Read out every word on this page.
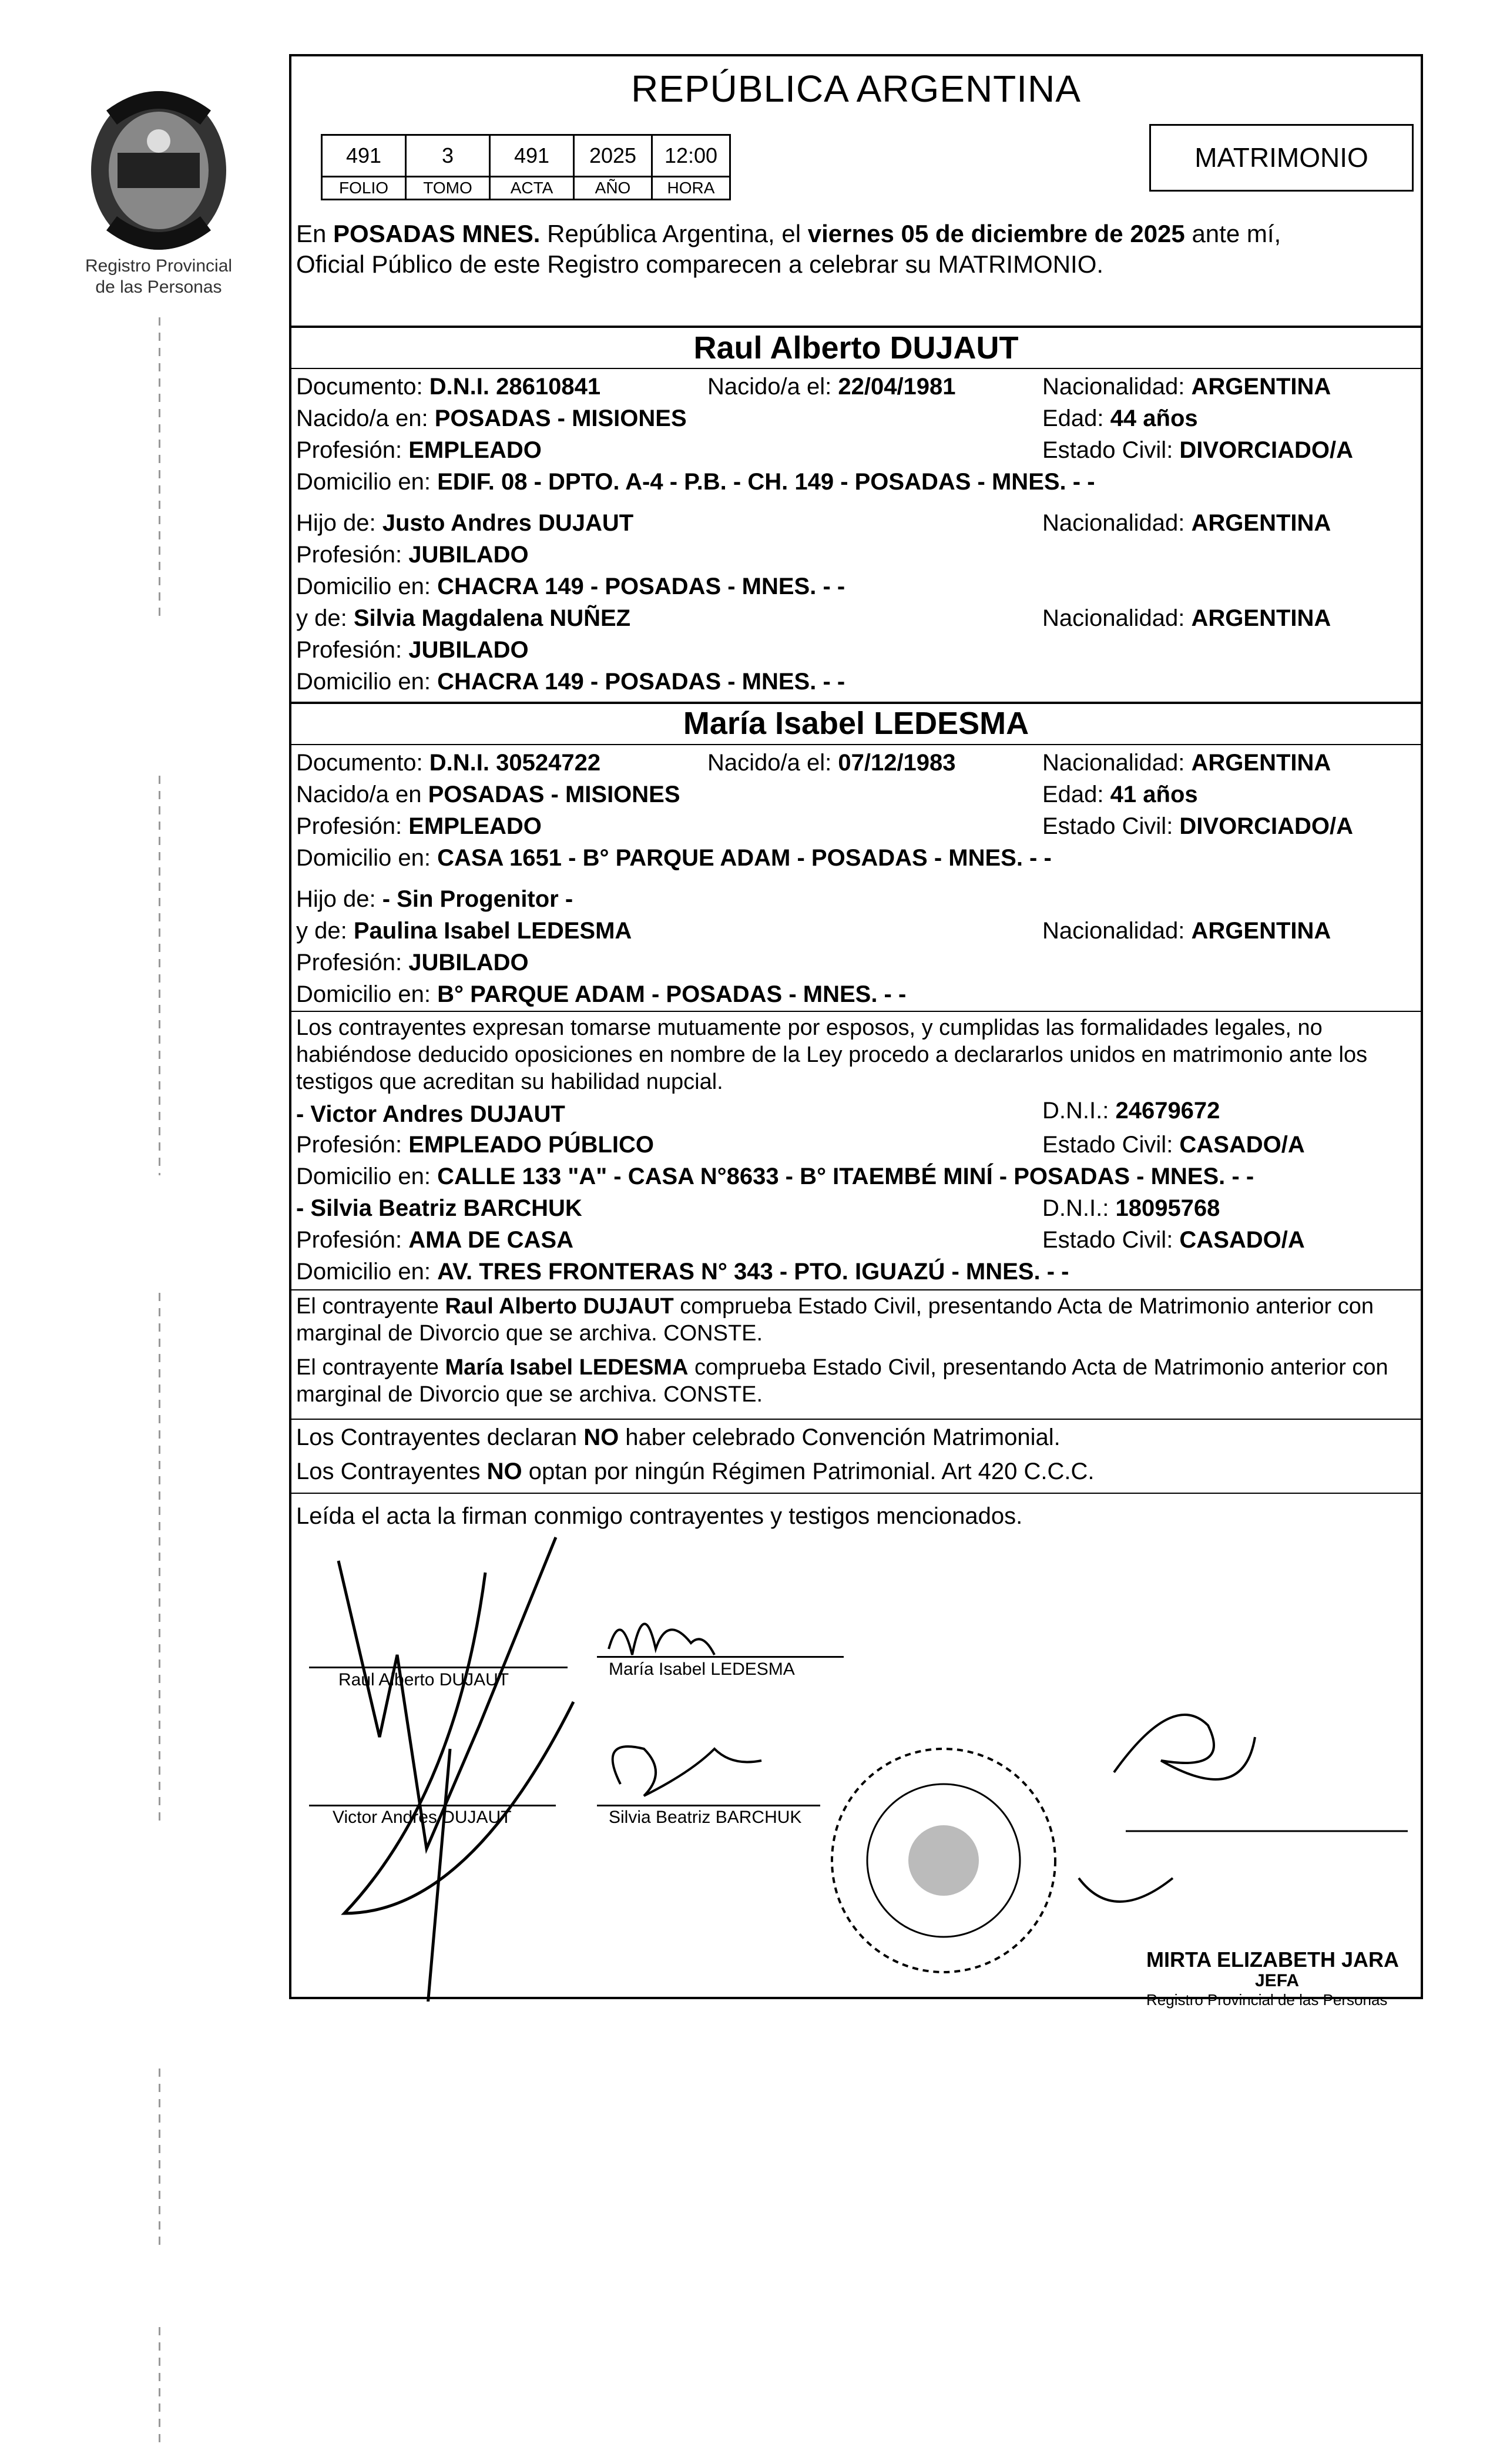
Registro Provincial
de las Personas
REPÚBLICA ARGENTINA
491	3	491	2025	12:00
FOLIO	TOMO	ACTA	AÑO	HORA
MATRIMONIO
En POSADAS MNES. República Argentina, el viernes 05 de diciembre de 2025 ante mí,
Oficial Público de este Registro comparecen a celebrar su MATRIMONIO.
Raul Alberto DUJAUT
Documento: D.N.I. 28610841	Nacido/a el: 22/04/1981	Nacionalidad: ARGENTINA
Nacido/a en: POSADAS - MISIONES	Edad: 44 años
Profesión: EMPLEADO	Estado Civil: DIVORCIADO/A
Domicilio en: EDIF. 08 - DPTO. A-4 - P.B. - CH. 149 - POSADAS - MNES. - -
Hijo de: Justo Andres DUJAUT	Nacionalidad: ARGENTINA
Profesión: JUBILADO
Domicilio en: CHACRA 149 - POSADAS - MNES. - -
y de: Silvia Magdalena NUÑEZ	Nacionalidad: ARGENTINA
Profesión: JUBILADO
Domicilio en: CHACRA 149 - POSADAS - MNES. - -
María Isabel LEDESMA
Documento: D.N.I. 30524722	Nacido/a el: 07/12/1983	Nacionalidad: ARGENTINA
Nacido/a en POSADAS - MISIONES	Edad: 41 años
Profesión: EMPLEADO	Estado Civil: DIVORCIADO/A
Domicilio en: CASA 1651 - B° PARQUE ADAM - POSADAS - MNES. - -
Hijo de: - Sin Progenitor -
y de: Paulina Isabel LEDESMA	Nacionalidad: ARGENTINA
Profesión: JUBILADO
Domicilio en: B° PARQUE ADAM - POSADAS - MNES. - -
Los contrayentes expresan tomarse mutuamente por esposos, y cumplidas las formalidades legales, no habiéndose deducido oposiciones en nombre de la Ley procedo a declararlos unidos en matrimonio ante los testigos que acreditan su habilidad nupcial.
- Victor Andres DUJAUT	D.N.I.: 24679672
Profesión: EMPLEADO PÚBLICO	Estado Civil: CASADO/A
Domicilio en: CALLE 133 "A" - CASA N°8633 - B° ITAEMBÉ MINÍ - POSADAS - MNES. - -
- Silvia Beatriz BARCHUK	D.N.I.: 18095768
Profesión: AMA DE CASA	Estado Civil: CASADO/A
Domicilio en: AV. TRES FRONTERAS N° 343 - PTO. IGUAZÚ - MNES. - -
El contrayente Raul Alberto DUJAUT comprueba Estado Civil, presentando Acta de Matrimonio anterior con marginal de Divorcio que se archiva. CONSTE.
El contrayente María Isabel LEDESMA comprueba Estado Civil, presentando Acta de Matrimonio anterior con marginal de Divorcio que se archiva. CONSTE.
Los Contrayentes declaran NO haber celebrado Convención Matrimonial.
Los Contrayentes NO optan por ningún Régimen Patrimonial. Art 420 C.C.C.
Leída el acta la firman conmigo contrayentes y testigos mencionados.
Raul Alberto DUJAUT
María Isabel LEDESMA
Victor Andres DUJAUT	Silvia Beatriz BARCHUK
MIRTA ELIZABETH JARA
JEFA
Registro Provincial de las Personas
